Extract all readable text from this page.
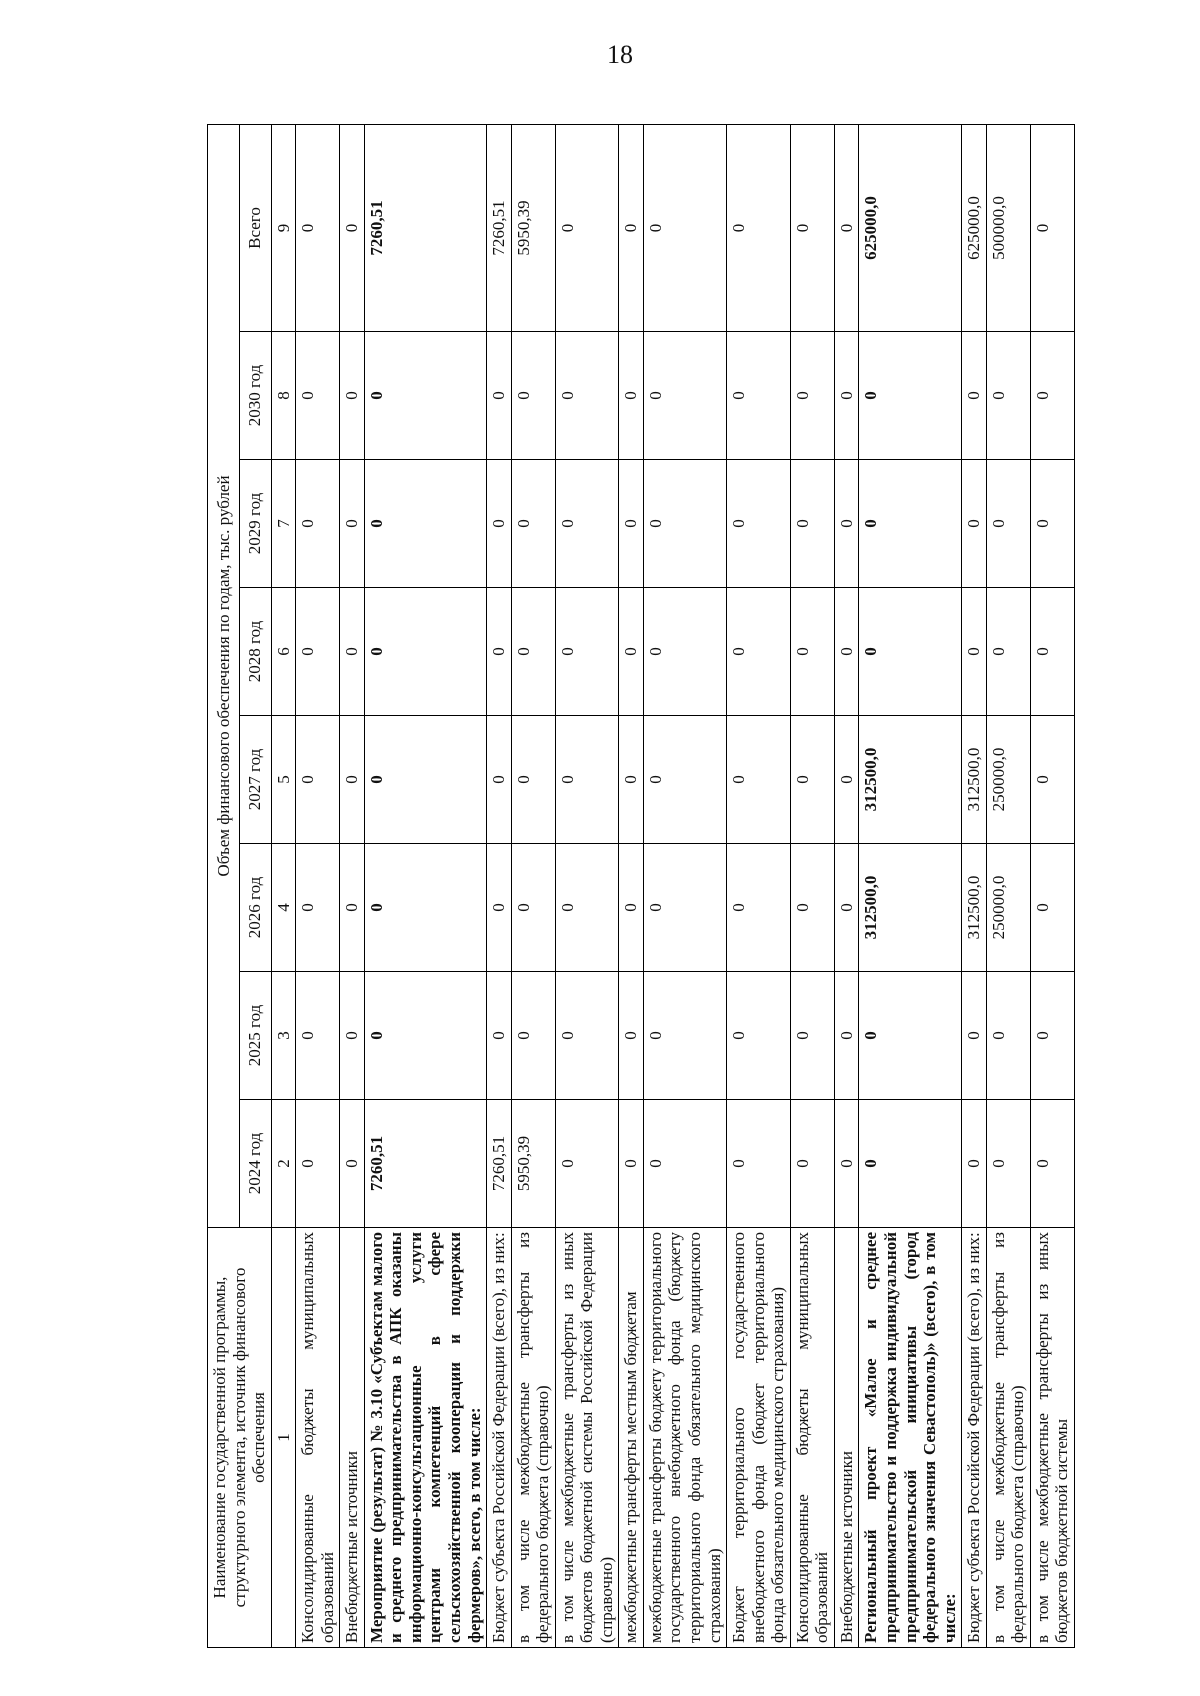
18
Наименование государственной программы, структурного элемента, источник финансового обеспечения	Объем финансового обеспечения по годам, тыс. рублей							
	2024 год	2025 год	2026 год	2027 год	2028 год	2029 год	2030 год	Всего
1	2	3	4	5	6	7	8	9
Консолидированные бюджеты муниципальных образований	0	0	0	0	0	0	0	0
Внебюджетные источники	0	0	0	0	0	0	0	0
Мероприятие (результат) № 3.10 «Субъектам малого и среднего предпринимательства в АПК оказаны информационно-консультационные услуги центрами компетенций в сфере сельскохозяйственной кооперации и поддержки фермеров», всего, в том числе:	7260,51	0	0	0	0	0	0	7260,51
Бюджет субъекта Российской Федерации (всего), из них:	7260,51	0	0	0	0	0	0	7260,51
в том числе межбюджетные трансферты из федерального бюджета (справочно)	5950,39	0	0	0	0	0	0	5950,39
в том числе межбюджетные трансферты из иных бюджетов бюджетной системы Российской Федерации (справочно)	0	0	0	0	0	0	0	0
межбюджетные трансферты местным бюджетам	0	0	0	0	0	0	0	0
межбюджетные трансферты бюджету территориального государственного внебюджетного фонда (бюджету территориального фонда обязательного медицинского страхования)	0	0	0	0	0	0	0	0
Бюджет территориального государственного внебюджетного фонда (бюджет территориального фонда обязательного медицинского страхования)	0	0	0	0	0	0	0	0
Консолидированные бюджеты муниципальных образований	0	0	0	0	0	0	0	0
Внебюджетные источники	0	0	0	0	0	0	0	0
Региональный проект «Малое и среднее предпринимательство и поддержка индивидуальной предпринимательской инициативы (город федерального значения Севастополь)» (всего), в том числе:	0	0	312500,0	312500,0	0	0	0	625000,0
Бюджет субъекта Российской Федерации (всего), из них:	0	0	312500,0	312500,0	0	0	0	625000,0
в том числе межбюджетные трансферты из федерального бюджета (справочно)	0	0	250000,0	250000,0	0	0	0	500000,0
в том числе межбюджетные трансферты из иных бюджетов бюджетной системы	0	0	0	0	0	0	0	0
